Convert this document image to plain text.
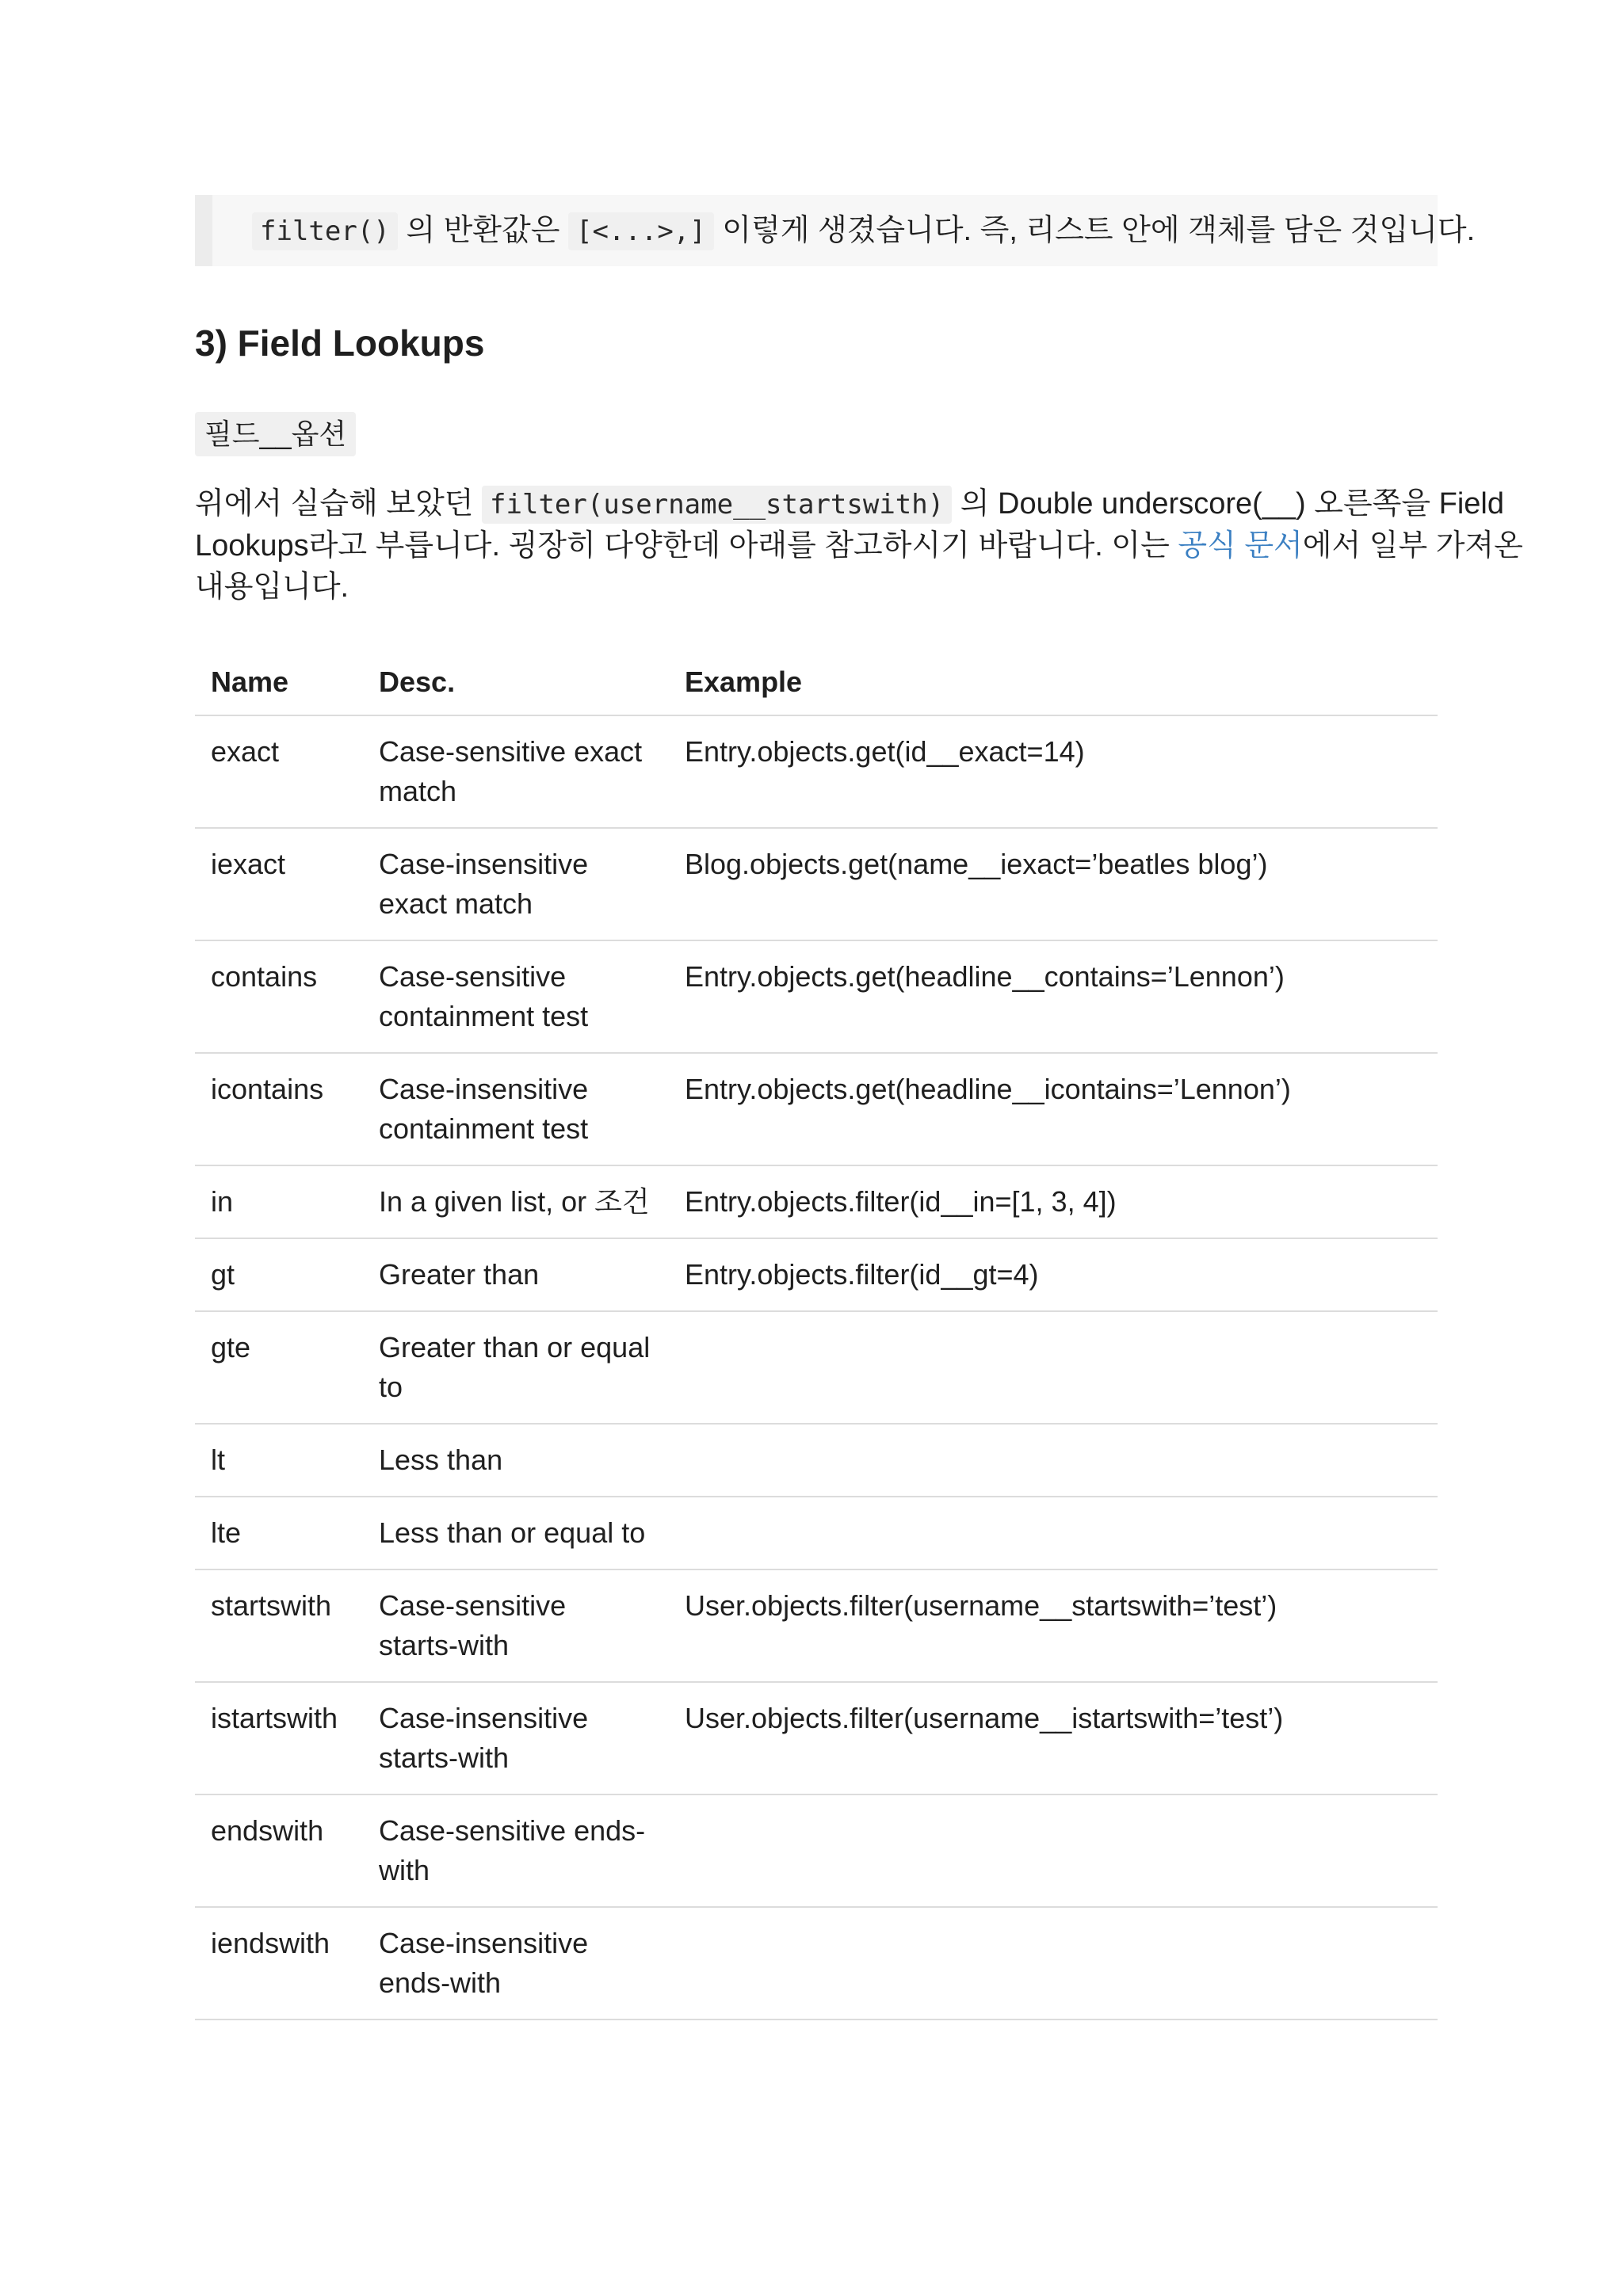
filter() 의 반환값은 [<...>,] 이렇게 생겼습니다. 즉, 리스트 안에 객체를 담은 것입니다.
3) Field Lookups
필드__옵션
위에서 실습해 보았던 filter(username__startswith) 의 Double underscore(__) 오른쪽을 Field
Lookups라고 부릅니다. 굉장히 다양한데 아래를 참고하시기 바랍니다. 이는 공식 문서에서 일부 가져온
내용입니다.
Name	Desc.	Example
exact	Case-sensitive exact match	Entry.objects.get(id__exact=14)
iexact	Case-insensitive exact match	Blog.objects.get(name__iexact=’beatles blog’)
contains	Case-sensitive containment test	Entry.objects.get(headline__contains=’Lennon’)
icontains	Case-insensitive containment test	Entry.objects.get(headline__icontains=’Lennon’)
in	In a given list, or 조건	Entry.objects.filter(id__in=[1, 3, 4])
gt	Greater than	Entry.objects.filter(id__gt=4)
gte	Greater than or equal to	
lt	Less than	
lte	Less than or equal to	
startswith	Case-sensitive starts-with	User.objects.filter(username__startswith=’test’)
istartswith	Case-insensitive starts-with	User.objects.filter(username__istartswith=’test’)
endswith	Case-sensitive ends-with	
iendswith	Case-insensitive ends-with	
